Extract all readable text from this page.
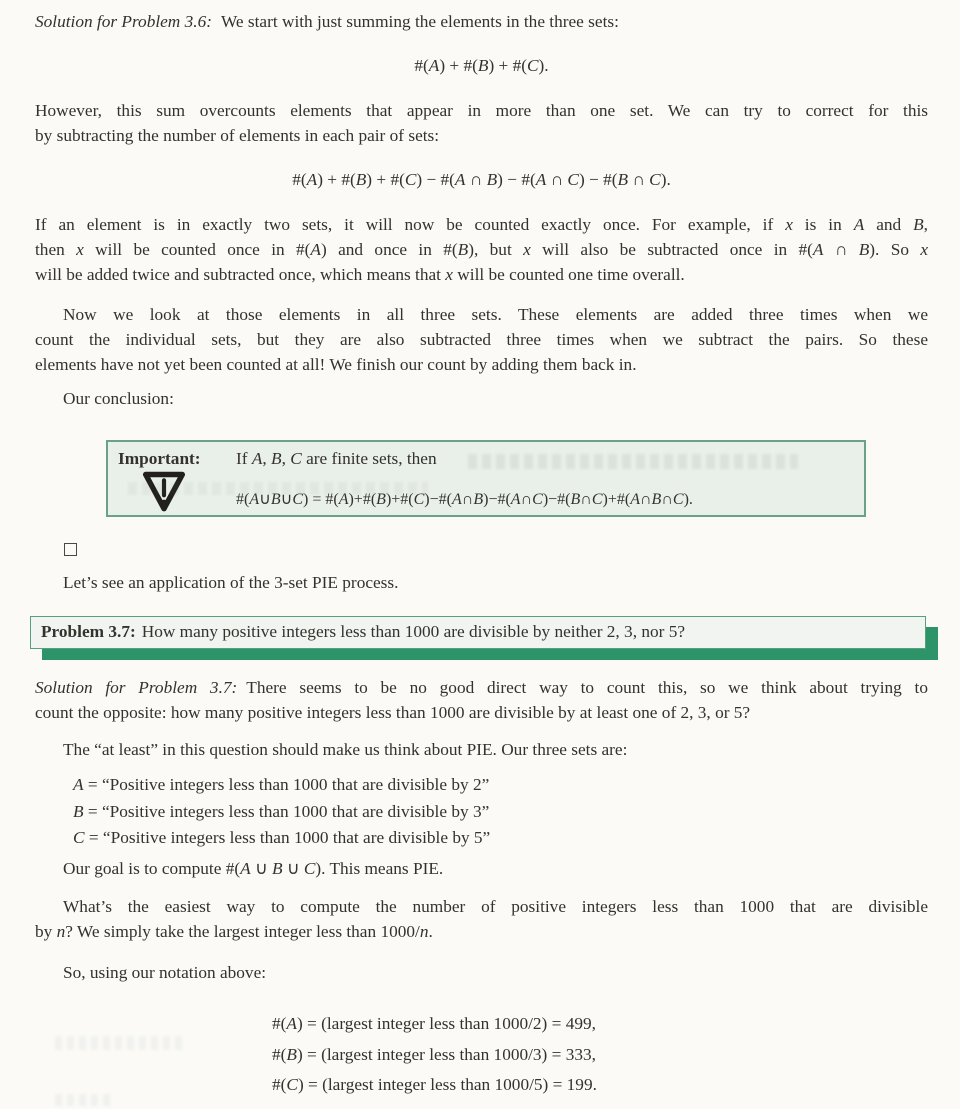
Solution for Problem 3.6: We start with just summing the elements in the three sets:
#(A) + #(B) + #(C).
However, this sum overcounts elements that appear in more than one set. We can try to correct for this
by subtracting the number of elements in each pair of sets:
#(A) + #(B) + #(C) − #(A ∩ B) − #(A ∩ C) − #(B ∩ C).
If an element is in exactly two sets, it will now be counted exactly once. For example, if x is in A and B,
then x will be counted once in #(A) and once in #(B), but x will also be subtracted once in #(A ∩ B). So x
will be added twice and subtracted once, which means that x will be counted one time overall.
Now we look at those elements in all three sets. These elements are added three times when we
count the individual sets, but they are also subtracted three times when we subtract the pairs. So these
elements have not yet been counted at all! We finish our count by adding them back in.
Our conclusion:
Important: If A, B, C are finite sets, then
#(A∪B∪C) = #(A)+#(B)+#(C)−#(A∩B)−#(A∩C)−#(B∩C)+#(A∩B∩C).
Let’s see an application of the 3-set PIE process.
Problem 3.7: How many positive integers less than 1000 are divisible by neither 2, 3, nor 5?
Solution for Problem 3.7: There seems to be no good direct way to count this, so we think about trying to
count the opposite: how many positive integers less than 1000 are divisible by at least one of 2, 3, or 5?
The “at least” in this question should make us think about PIE. Our three sets are:
A = “Positive integers less than 1000 that are divisible by 2”
B = “Positive integers less than 1000 that are divisible by 3”
C = “Positive integers less than 1000 that are divisible by 5”
Our goal is to compute #(A ∪ B ∪ C). This means PIE.
What’s the easiest way to compute the number of positive integers less than 1000 that are divisible
by n? We simply take the largest integer less than 1000/n.
So, using our notation above:
#(A) = (largest integer less than 1000/2) = 499,
#(B) = (largest integer less than 1000/3) = 333,
#(C) = (largest integer less than 1000/5) = 199.
